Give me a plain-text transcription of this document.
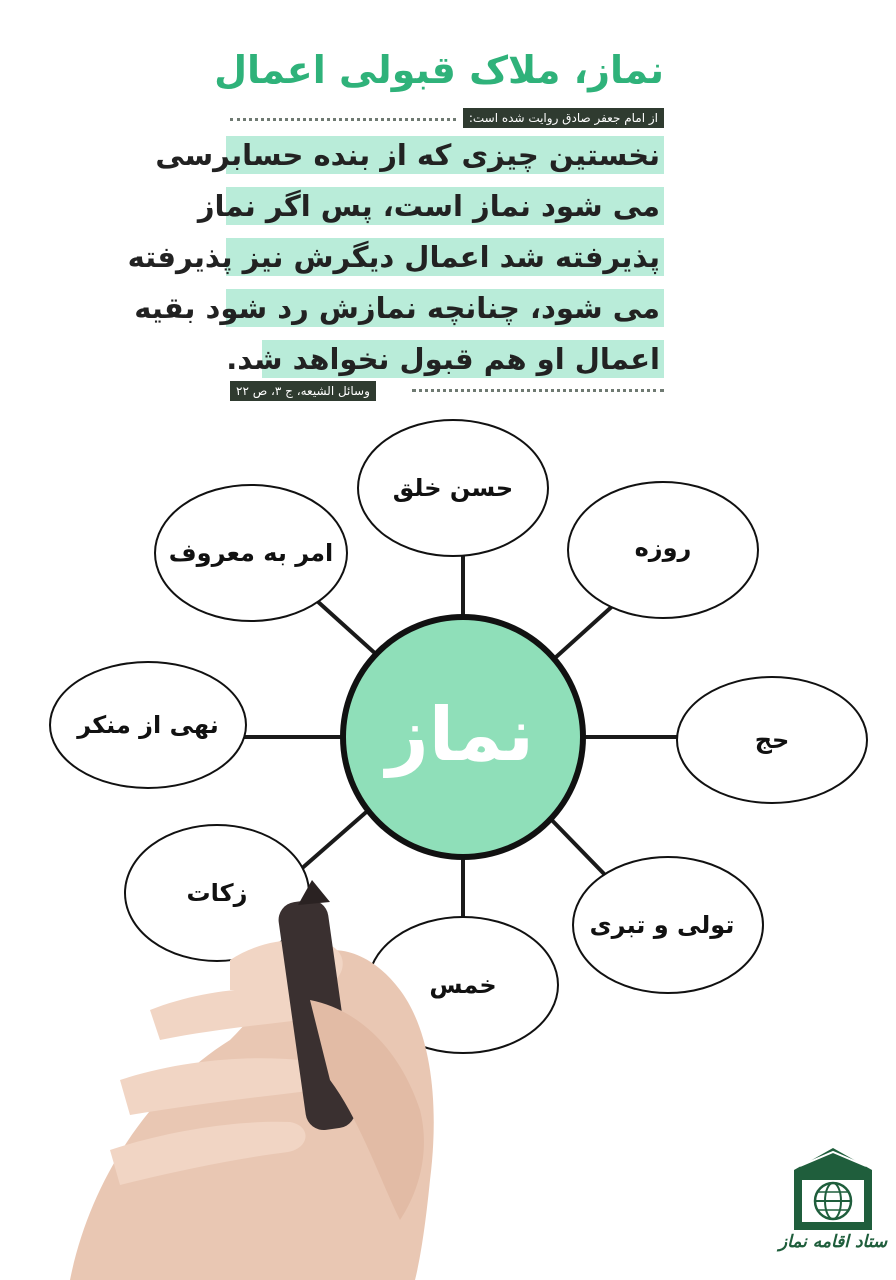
نماز، ملاک قبولی اعمال
از امام جعفر صادق روایت شده است:
نخستین چیزی که از بنده حسابرسی
می شود نماز است، پس اگر نماز
پذیرفته شد اعمال دیگرش نیز پذیرفته
می شود، چنانچه نمازش رد شود بقیه
اعمال او هم قبول نخواهد شد.
وسائل الشیعه، ج ۳، ص ۲۲
حسن خلق
روزه
حج
تولی و تبری
خمس
زکات
نهی از منکر
امر به معروف
نماز
ستاد اقامه نماز
